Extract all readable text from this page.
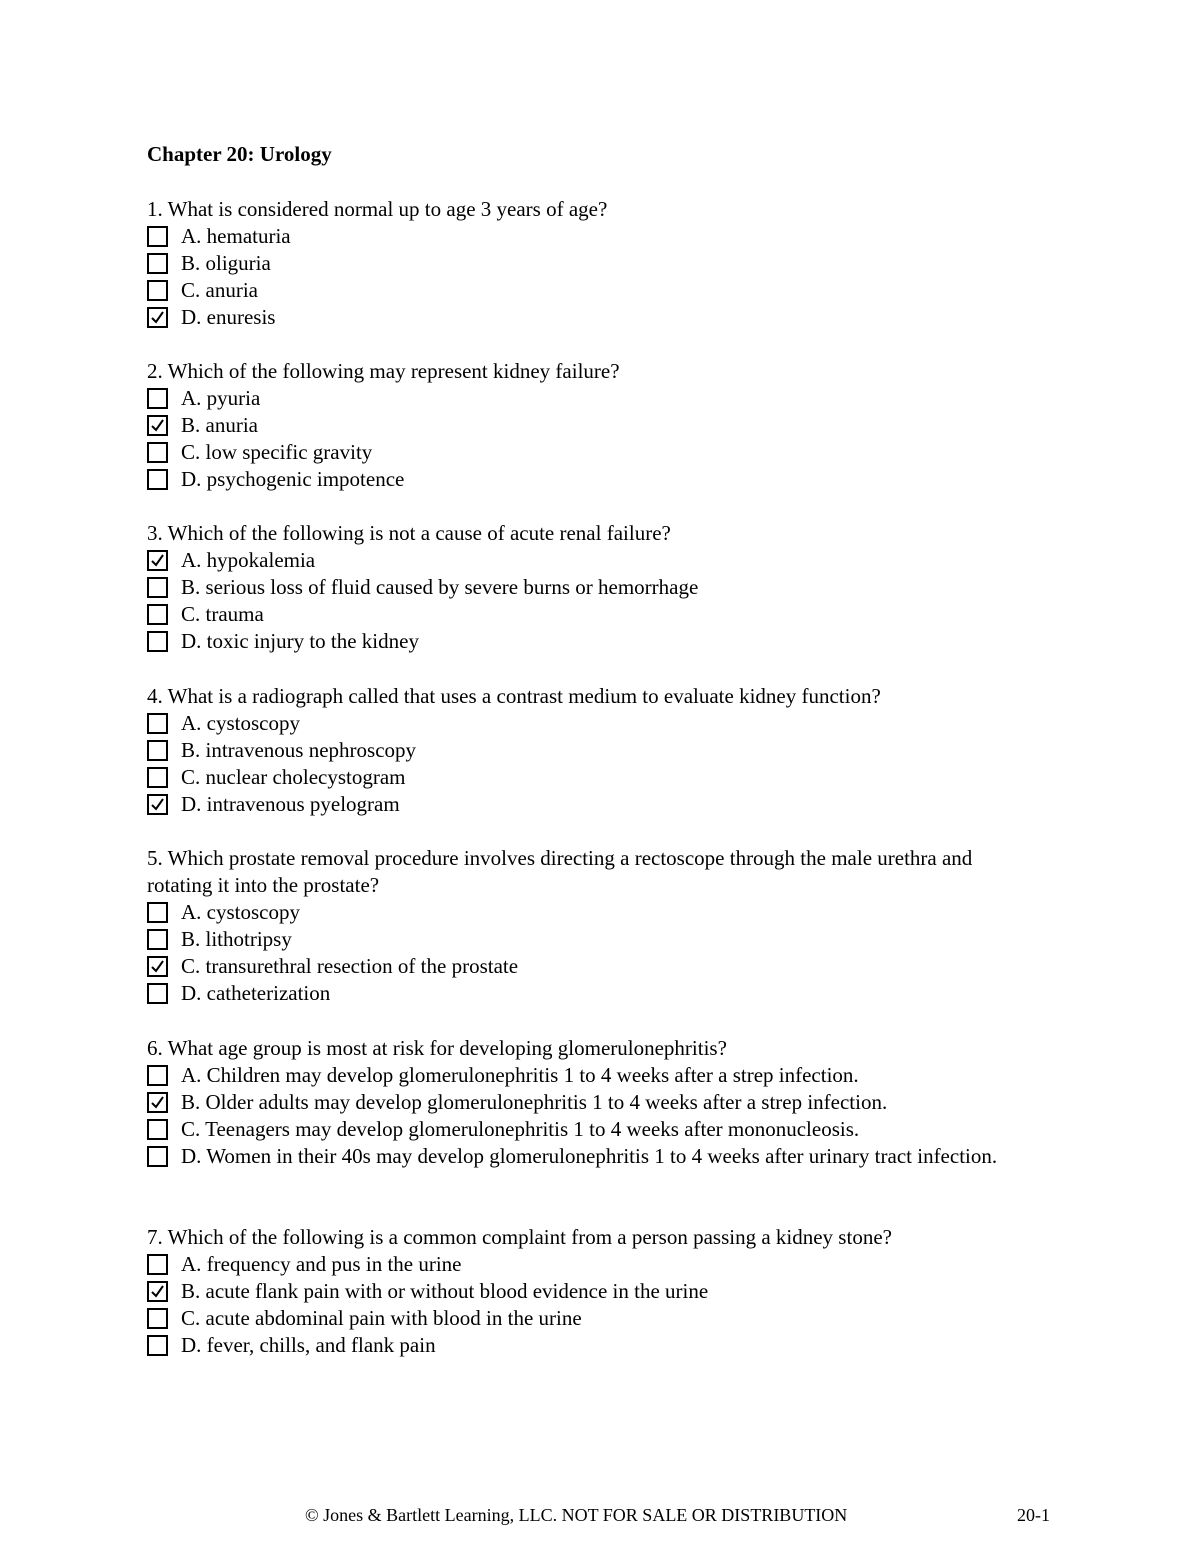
Chapter 20: Urology
1. What is considered normal up to age 3 years of age?
A. hematuria
B. oliguria
C. anuria
D. enuresis
2. Which of the following may represent kidney failure?
A. pyuria
B. anuria
C. low specific gravity
D. psychogenic impotence
3. Which of the following is not a cause of acute renal failure?
A. hypokalemia
B. serious loss of fluid caused by severe burns or hemorrhage
C. trauma
D. toxic injury to the kidney
4. What is a radiograph called that uses a contrast medium to evaluate kidney function?
A. cystoscopy
B. intravenous nephroscopy
C. nuclear cholecystogram
D. intravenous pyelogram
5. Which prostate removal procedure involves directing a rectoscope through the male urethra and rotating it into the prostate?
A. cystoscopy
B. lithotripsy
C. transurethral resection of the prostate
D. catheterization
6. What age group is most at risk for developing glomerulonephritis?
A. Children may develop glomerulonephritis 1 to 4 weeks after a strep infection.
B. Older adults may develop glomerulonephritis 1 to 4 weeks after a strep infection.
C. Teenagers may develop glomerulonephritis 1 to 4 weeks after mononucleosis.
D. Women in their 40s may develop glomerulonephritis 1 to 4 weeks after urinary tract infection.
7. Which of the following is a common complaint from a person passing a kidney stone?
A. frequency and pus in the urine
B. acute flank pain with or without blood evidence in the urine
C. acute abdominal pain with blood in the urine
D. fever, chills, and flank pain
© Jones & Bartlett Learning, LLC. NOT FOR SALE OR DISTRIBUTION	20-1
